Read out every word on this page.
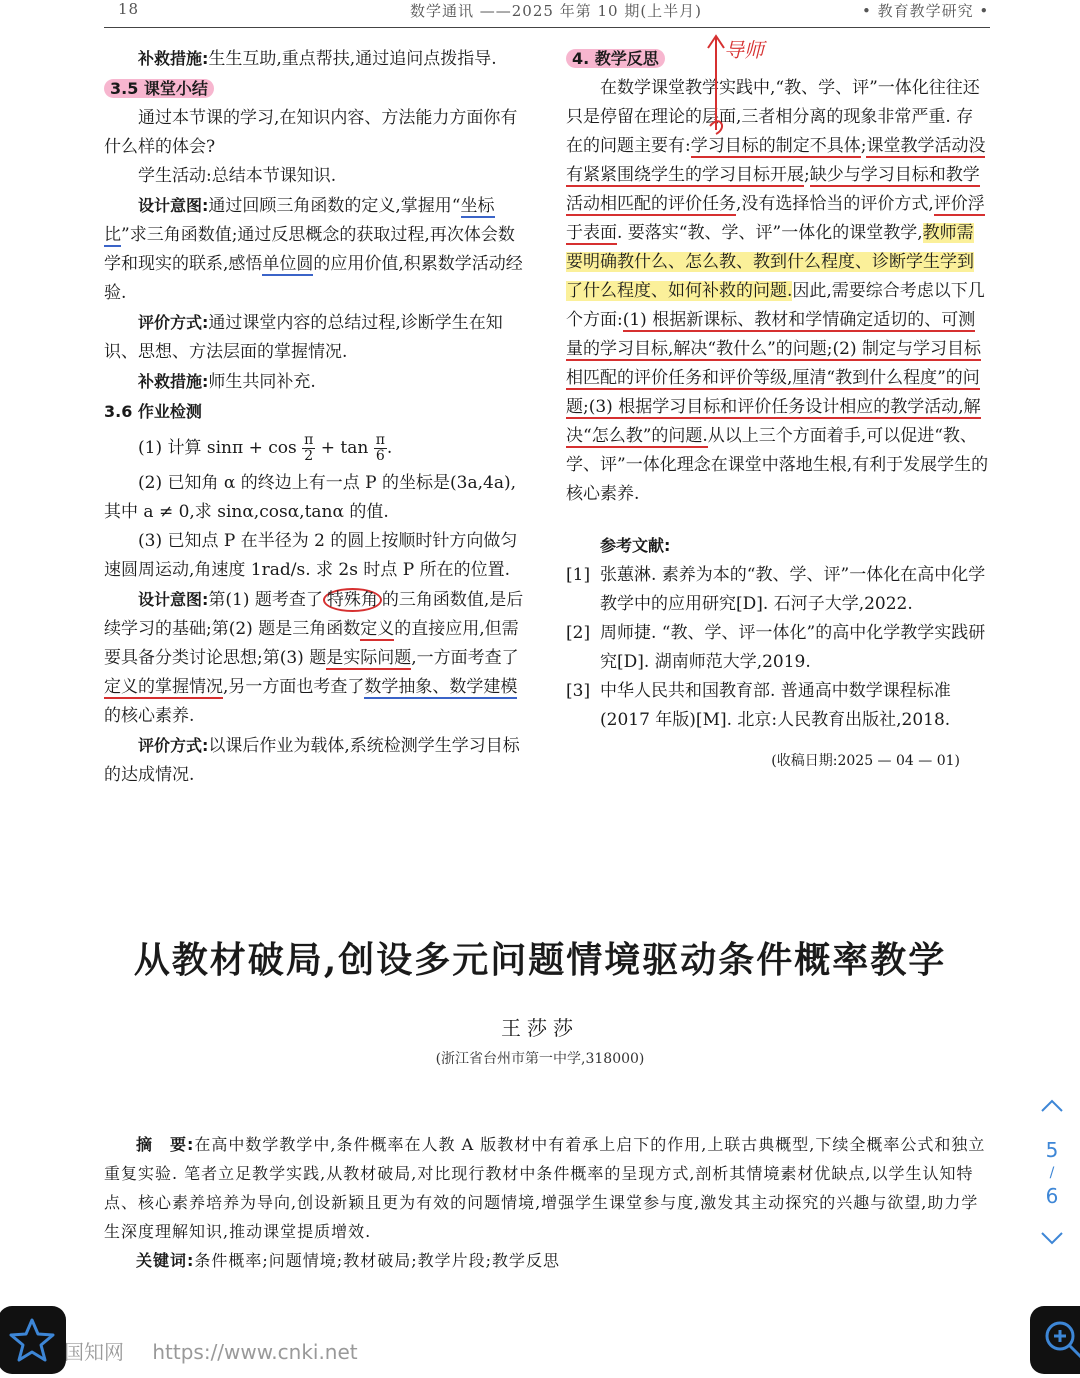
18	数学通讯 ——2025 年第 10 期(上半月)	• 教育教学研究 •

补救措施:生生互助,重点帮扶,通过追问点拨指导.

3.5 课堂小结

通过本节课的学习,在知识内容、方法能力方面你有什么样的体会?

学生活动:总结本节课知识.

设计意图:通过回顾三角函数的定义,掌握用“坐标比”求三角函数值;通过反思概念的获取过程,再次体会数学和现实的联系,感悟单位圆的应用价值,积累数学活动经验.

评价方式:通过课堂内容的总结过程,诊断学生在知识、思想、方法层面的掌握情况.

补救措施:师生共同补充.

3.6 作业检测

(1) 计算 $\sin\pi + \cos \frac{\pi}{2} + \tan \frac{\pi}{6}$ .

(2) 已知角 α 的终边上有一点 P 的坐标是(3a,4a),其中 a ≠ 0,求 sinα,cosα,tanα 的值.

(3) 已知点 P 在半径为 2 的圆上按顺时针方向做匀速圆周运动,角速度 1rad/s. 求 2s 时点 P 所在的位置.

设计意图:第(1) 题考查了 特殊角 的三角函数值,是后续学习的基础;第(2) 题是三角函数定义的直接应用,但需要具备分类讨论思想;第(3) 题是实际问题,一方面考查了定义的掌握情况,另一方面也考查了数学抽象、数学建模的核心素养.

评价方式:以课后作业为载体,系统检测学生学习目标的达成情况.

4. 教学反思

在数学课堂教学实践中,“教、学、评”一体化往往还只是停留在理论的层面,三者相分离的现象非常严重. 存在的问题主要有:学习目标的制定不具体;课堂教学活动没有紧紧围绕学生的学习目标开展;缺少与学习目标和教学活动相匹配的评价任务,没有选择恰当的评价方式,评价浮于表面. 要落实“教、学、评”一体化的课堂教学,教师需要明确教什么、怎么教、教到什么程度、诊断学生学到了什么程度、如何补救的问题.因此,需要综合考虑以下几个方面:(1) 根据新课标、教材和学情确定适切的、可测量的学习目标,解决“教什么”的问题;(2) 制定与学习目标相匹配的评价任务和评价等级,厘清“教到什么程度”的问题;(3) 根据学习目标和评价任务设计相应的教学活动,解决“怎么教”的问题.从以上三个方面着手,可以促进“教、学、评”一体化理念在课堂中落地生根,有利于发展学生的核心素养.

参考文献:

[1] 张蕙淋. 素养为本的“教、学、评”一体化在高中化学教学中的应用研究[D]. 石河子大学,2022.
[2] 周师捷. “教、学、评一体化”的高中化学教学实践研究[D]. 湖南师范大学,2019.
[3] 中华人民共和国教育部. 普通高中数学课程标准(2017 年版)[M]. 北京:人民教育出版社,2018.

(收稿日期:2025 — 04 — 01)

导师
从教材破局,创设多元问题情境驱动条件概率教学
王莎莎
(浙江省台州市第一中学,318000)

摘　要:在高中数学教学中,条件概率在人教 A 版教材中有着承上启下的作用,上联古典概型,下续全概率公式和独立重复实验. 笔者立足教学实践,从教材破局,对比现行教材中条件概率的呈现方式,剖析其情境素材优缺点,以学生认知特点、核心素养培养为导向,创设新颖且更为有效的问题情境,增强学生课堂参与度,激发其主动探究的兴趣与欲望,助力学生深度理解知识,推动课堂提质增效.

关键词:条件概率;问题情境;教材破局;教学片段;教学反思

5
/
6
国知网 https://www.cnki.net
